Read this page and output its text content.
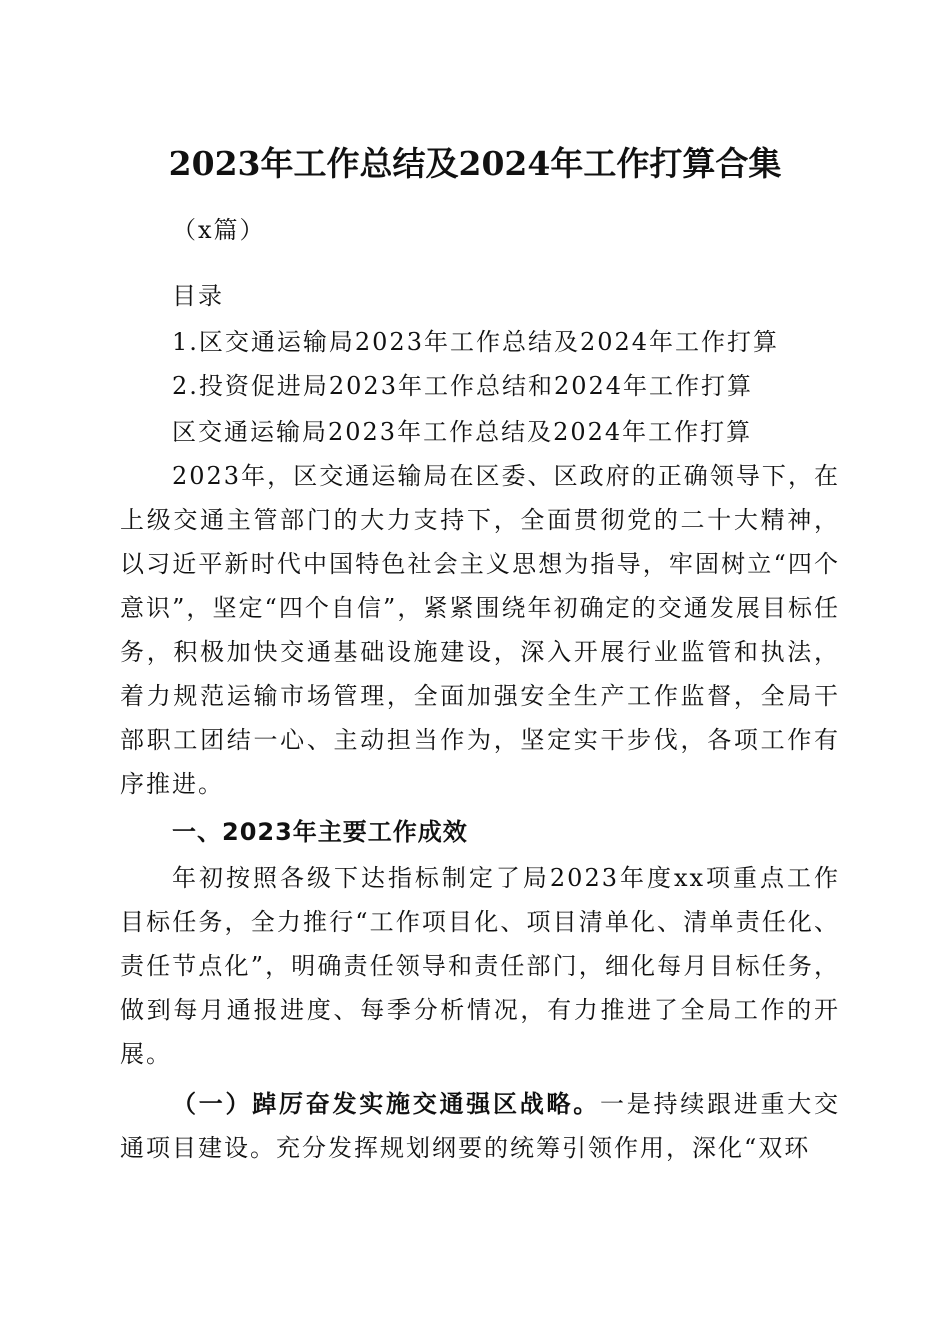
2023年工作总结及2024年工作打算合集
（x篇）
目录
1.区交通运输局2023年工作总结及2024年工作打算
2.投资促进局2023年工作总结和2024年工作打算
区交通运输局2023年工作总结及2024年工作打算

2023年，区交通运输局在区委、区政府的正确领导下，在上级交通主管部门的大力支持下，全面贯彻党的二十大精神，以习近平新时代中国特色社会主义思想为指导，牢固树立“四个意识”，坚定“四个自信”，紧紧围绕年初确定的交通发展目标任务，积极加快交通基础设施建设，深入开展行业监管和执法，着力规范运输市场管理，全面加强安全生产工作监督，全局干部职工团结一心、主动担当作为，坚定实干步伐，各项工作有序推进。

一、2023年主要工作成效

年初按照各级下达指标制定了局2023年度xx项重点工作目标任务，全力推行“工作项目化、项目清单化、清单责任化、责任节点化”，明确责任领导和责任部门，细化每月目标任务，做到每月通报进度、每季分析情况，有力推进了全局工作的开展。

（一）踔厉奋发实施交通强区战略。一是持续跟进重大交通项目建设。充分发挥规划纲要的统筹引领作用，深化“双环
